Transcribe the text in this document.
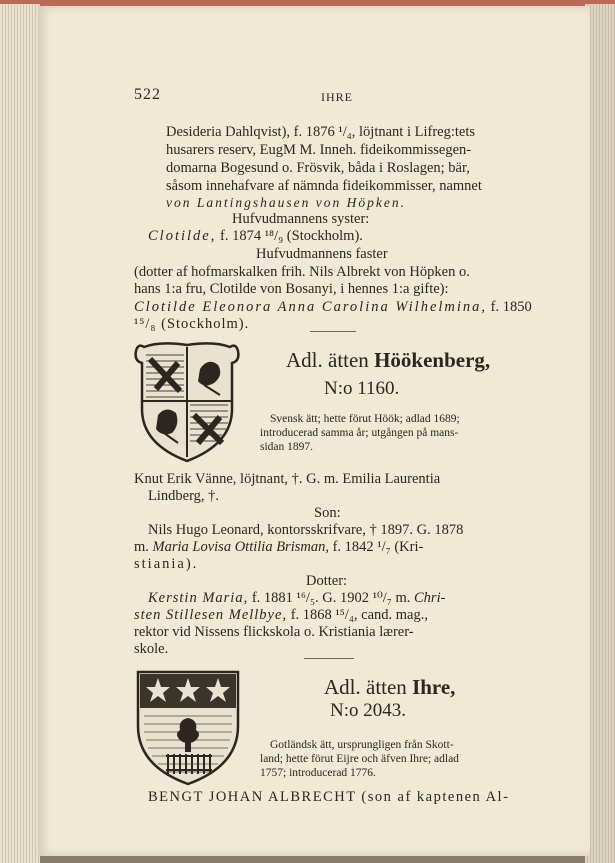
522	IHRE
Desideria Dahlqvist), f. 1876 ¹/₄, löjtnant i Lifreg:tets
husarers reserv, EugM M. Inneh. fideikommissegen-
domarna Bogesund o. Frösvik, båda i Roslagen; bär,
såsom innehafvare af nämnda fideikommisser, namnet
von Lantingshausen von Höpken.
Hufvudmannens syster:
Clotilde, f. 1874 ¹⁸/₉ (Stockholm).
Hufvudmannens faster
(dotter af hofmarskalken frih. Nils Albrekt von Höpken o.
hans 1:a fru, Clotilde von Bosanyi, i hennes 1:a gifte):
Clotilde Eleonora Anna Carolina Wilhelmina, f. 1850
¹⁵/₈ (Stockholm).
Adl. ätten Höökenberg,
N:o 1160.
Svensk ätt; hette förut Höök; adlad 1689;
introducerad samma år; utgången på mans-
sidan 1897.
Knut Erik Vänne, löjtnant, †. G. m. Emilia Laurentia
Lindberg, †.
Son:
Nils Hugo Leonard, kontorsskrifvare, † 1897. G. 1878
m. Maria Lovisa Ottilia Brisman, f. 1842 ¹/₇ (Kri-
stiania).
Dotter:
Kerstin Maria, f. 1881 ¹⁶/₅. G. 1902 ¹⁰/₇ m. Chri-
sten Stillesen Mellbye, f. 1868 ¹⁵/₄, cand. mag.,
rektor vid Nissens flickskola o. Kristiania lærer-
skole.
Adl. ätten Ihre,
N:o 2043.
Gotländsk ätt, ursprungligen från Skott-
land; hette förut Eijre och äfven Ihre; adlad
1757; introducerad 1776.
BENGT JOHAN ALBRECHT (son af kaptenen Al-
